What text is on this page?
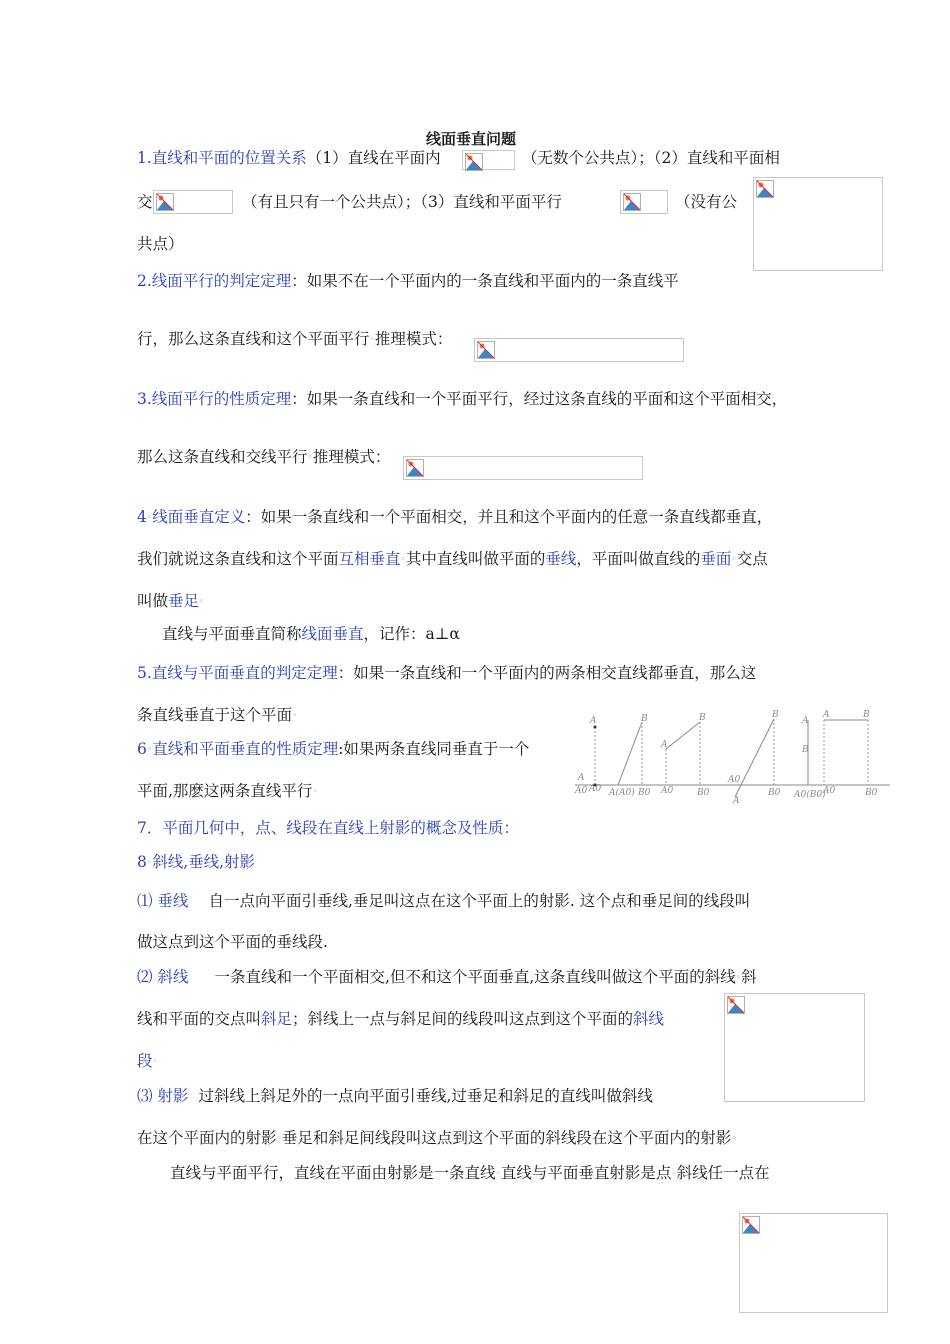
线面垂直问题
1.直线和平面的位置关系（1）直线在平面内	（无数个公共点）；（2）直线和平面相
交	（有且只有一个公共点）；（3）直线和平面平行	（没有公
共点）
2.线面平行的判定定理：如果不在一个平面内的一条直线和平面内的一条直线平
行，那么这条直线和这个平面平行◦推理模式：
3.线面平行的性质定理：如果一条直线和一个平面平行，经过这条直线的平面和这个平面相交，
那么这条直线和交线平行◦推理模式：
4◦线面垂直定义：如果一条直线和一个平面相交，并且和这个平面内的任意一条直线都垂直，
我们就说这条直线和这个平面互相垂直◦其中直线叫做平面的垂线，平面叫做直线的垂面◦交点
叫做垂足◦
直线与平面垂直简称线面垂直，记作：a⊥α
5.直线与平面垂直的判定定理：如果一条直线和一个平面内的两条相交直线都垂直，那么这
条直线垂直于这个平面◦
6◦直线和平面垂直的性质定理:如果两条直线同垂直于一个
平面,那麽这两条直线平行◦
A
A0 A0
A
B
A(A0) B0
A
B
A0	B0
B
A0
B0
A
A
B
A0(B0)
A	B
A0	B0
7．平面几何中，点、线段在直线上射影的概念及性质：
8◦斜线,垂线,射影
⑴ 垂线 自一点向平面引垂线,垂足叫这点在这个平面上的射影. 这个点和垂足间的线段叫
做这点到这个平面的垂线段.
⑵ 斜线 一条直线和一个平面相交,但不和这个平面垂直,这条直线叫做这个平面的斜线◦斜
线和平面的交点叫斜足；斜线上一点与斜足间的线段叫这点到这个平面的斜线
段◦
⑶ 射影 过斜线上斜足外的一点向平面引垂线,过垂足和斜足的直线叫做斜线
在这个平面内的射影◦垂足和斜足间线段叫这点到这个平面的斜线段在这个平面内的射影◦
直线与平面平行，直线在平面由射影是一条直线◦直线与平面垂直射影是点◦斜线任一点在
